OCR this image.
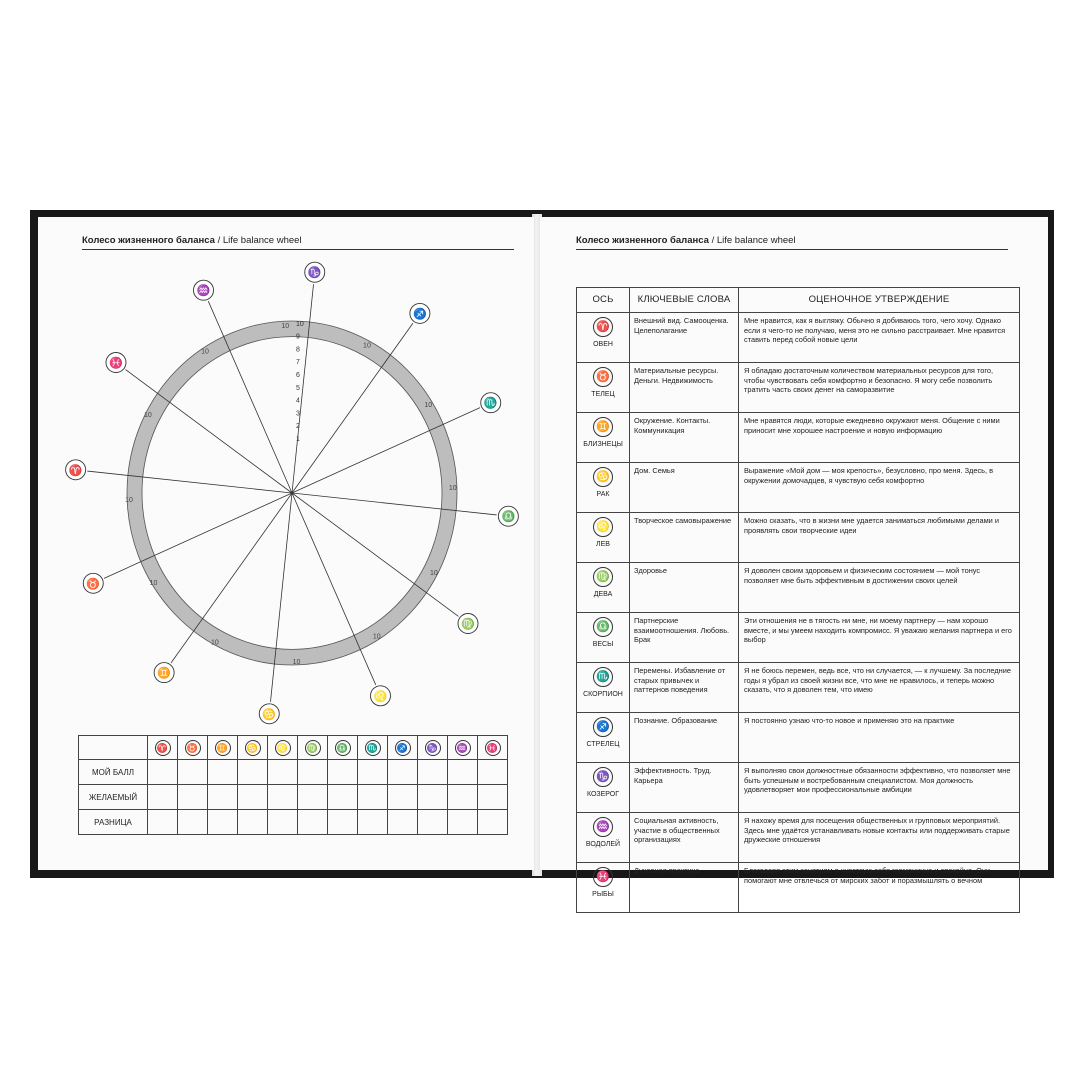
Колесо жизненного баланса / Life balance wheel
1
2
3
4
5
6
7
8
9
10
10
10
10
10
10
10
10
10
10
10
10
10
♑
♐
♏
♎
♍
♌
♋
♊
♉
♈
♓
♒
	♈	♉	♊	♋	♌	♍	♎	♏	♐	♑	♒	♓
МОЙ БАЛЛ												
ЖЕЛАЕМЫЙ												
РАЗНИЦА												
Колесо жизненного баланса / Life balance wheel
ОСЬ	КЛЮЧЕВЫЕ СЛОВА	ОЦЕНОЧНОЕ УТВЕРЖДЕНИЕ

♈
ОВЕН	Внешний вид. Самооценка. Целеполагание	Мне нравится, как я выгляжу. Обычно я добиваюсь того, чего хочу. Однако если я чего-то не получаю, меня это не сильно расстраивает. Мне нравится ставить перед собой новые цели

♉
ТЕЛЕЦ	Материальные ресурсы. Деньги. Недвижимость	Я обладаю достаточным количеством материальных ресурсов для того, чтобы чувствовать себя комфортно и безопасно. Я могу себе позволить тратить часть своих денег на саморазвитие

♊
БЛИЗНЕЦЫ	Окружение. Контакты. Коммуникация	Мне нравятся люди, которые ежедневно окружают меня. Общение с ними приносит мне хорошее настроение и новую информацию

♋
РАК	Дом. Семья	Выражение «Мой дом — моя крепость», безусловно, про меня. Здесь, в окружении домочадцев, я чувствую себя комфортно

♌
ЛЕВ	Творческое самовыражение	Можно сказать, что в жизни мне удается заниматься любимыми делами и проявлять свои творческие идеи

♍
ДЕВА	Здоровье	Я доволен своим здоровьем и физическим состоянием — мой тонус позволяет мне быть эффективным в достижении своих целей

♎
ВЕСЫ	Партнерские взаимоотношения. Любовь. Брак	Эти отношения не в тягость ни мне, ни моему партнеру — нам хорошо вместе, и мы умеем находить компромисс. Я уважаю желания партнера и его выбор

♏
СКОРПИОН	Перемены. Избавление от старых привычек и паттернов поведения	Я не боюсь перемен, ведь все, что ни случается, — к лучшему. За последние годы я убрал из своей жизни все, что мне не нравилось, и теперь можно сказать, что я доволен тем, что имею

♐
СТРЕЛЕЦ	Познание. Образование	Я постоянно узнаю что-то новое и применяю это на практике

♑
КОЗЕРОГ	Эффективность. Труд. Карьера	Я выполняю свои должностные обязанности эффективно, что позволяет мне быть успешным и востребованным специалистом. Моя должность удовлетворяет мои профессиональные амбиции

♒
ВОДОЛЕЙ	Социальная активность, участие в общественных организациях	Я нахожу время для посещения общественных и групповых мероприятий. Здесь мне удаётся устанавливать новые контакты или поддерживать старые дружеские отношения

♓
РЫБЫ	Духовная практика	Благодаря этим занятиям я чувствую себя гармонично и спокойно. Они помогают мне отвлечься от мирских забот и поразмышлять о вечном
